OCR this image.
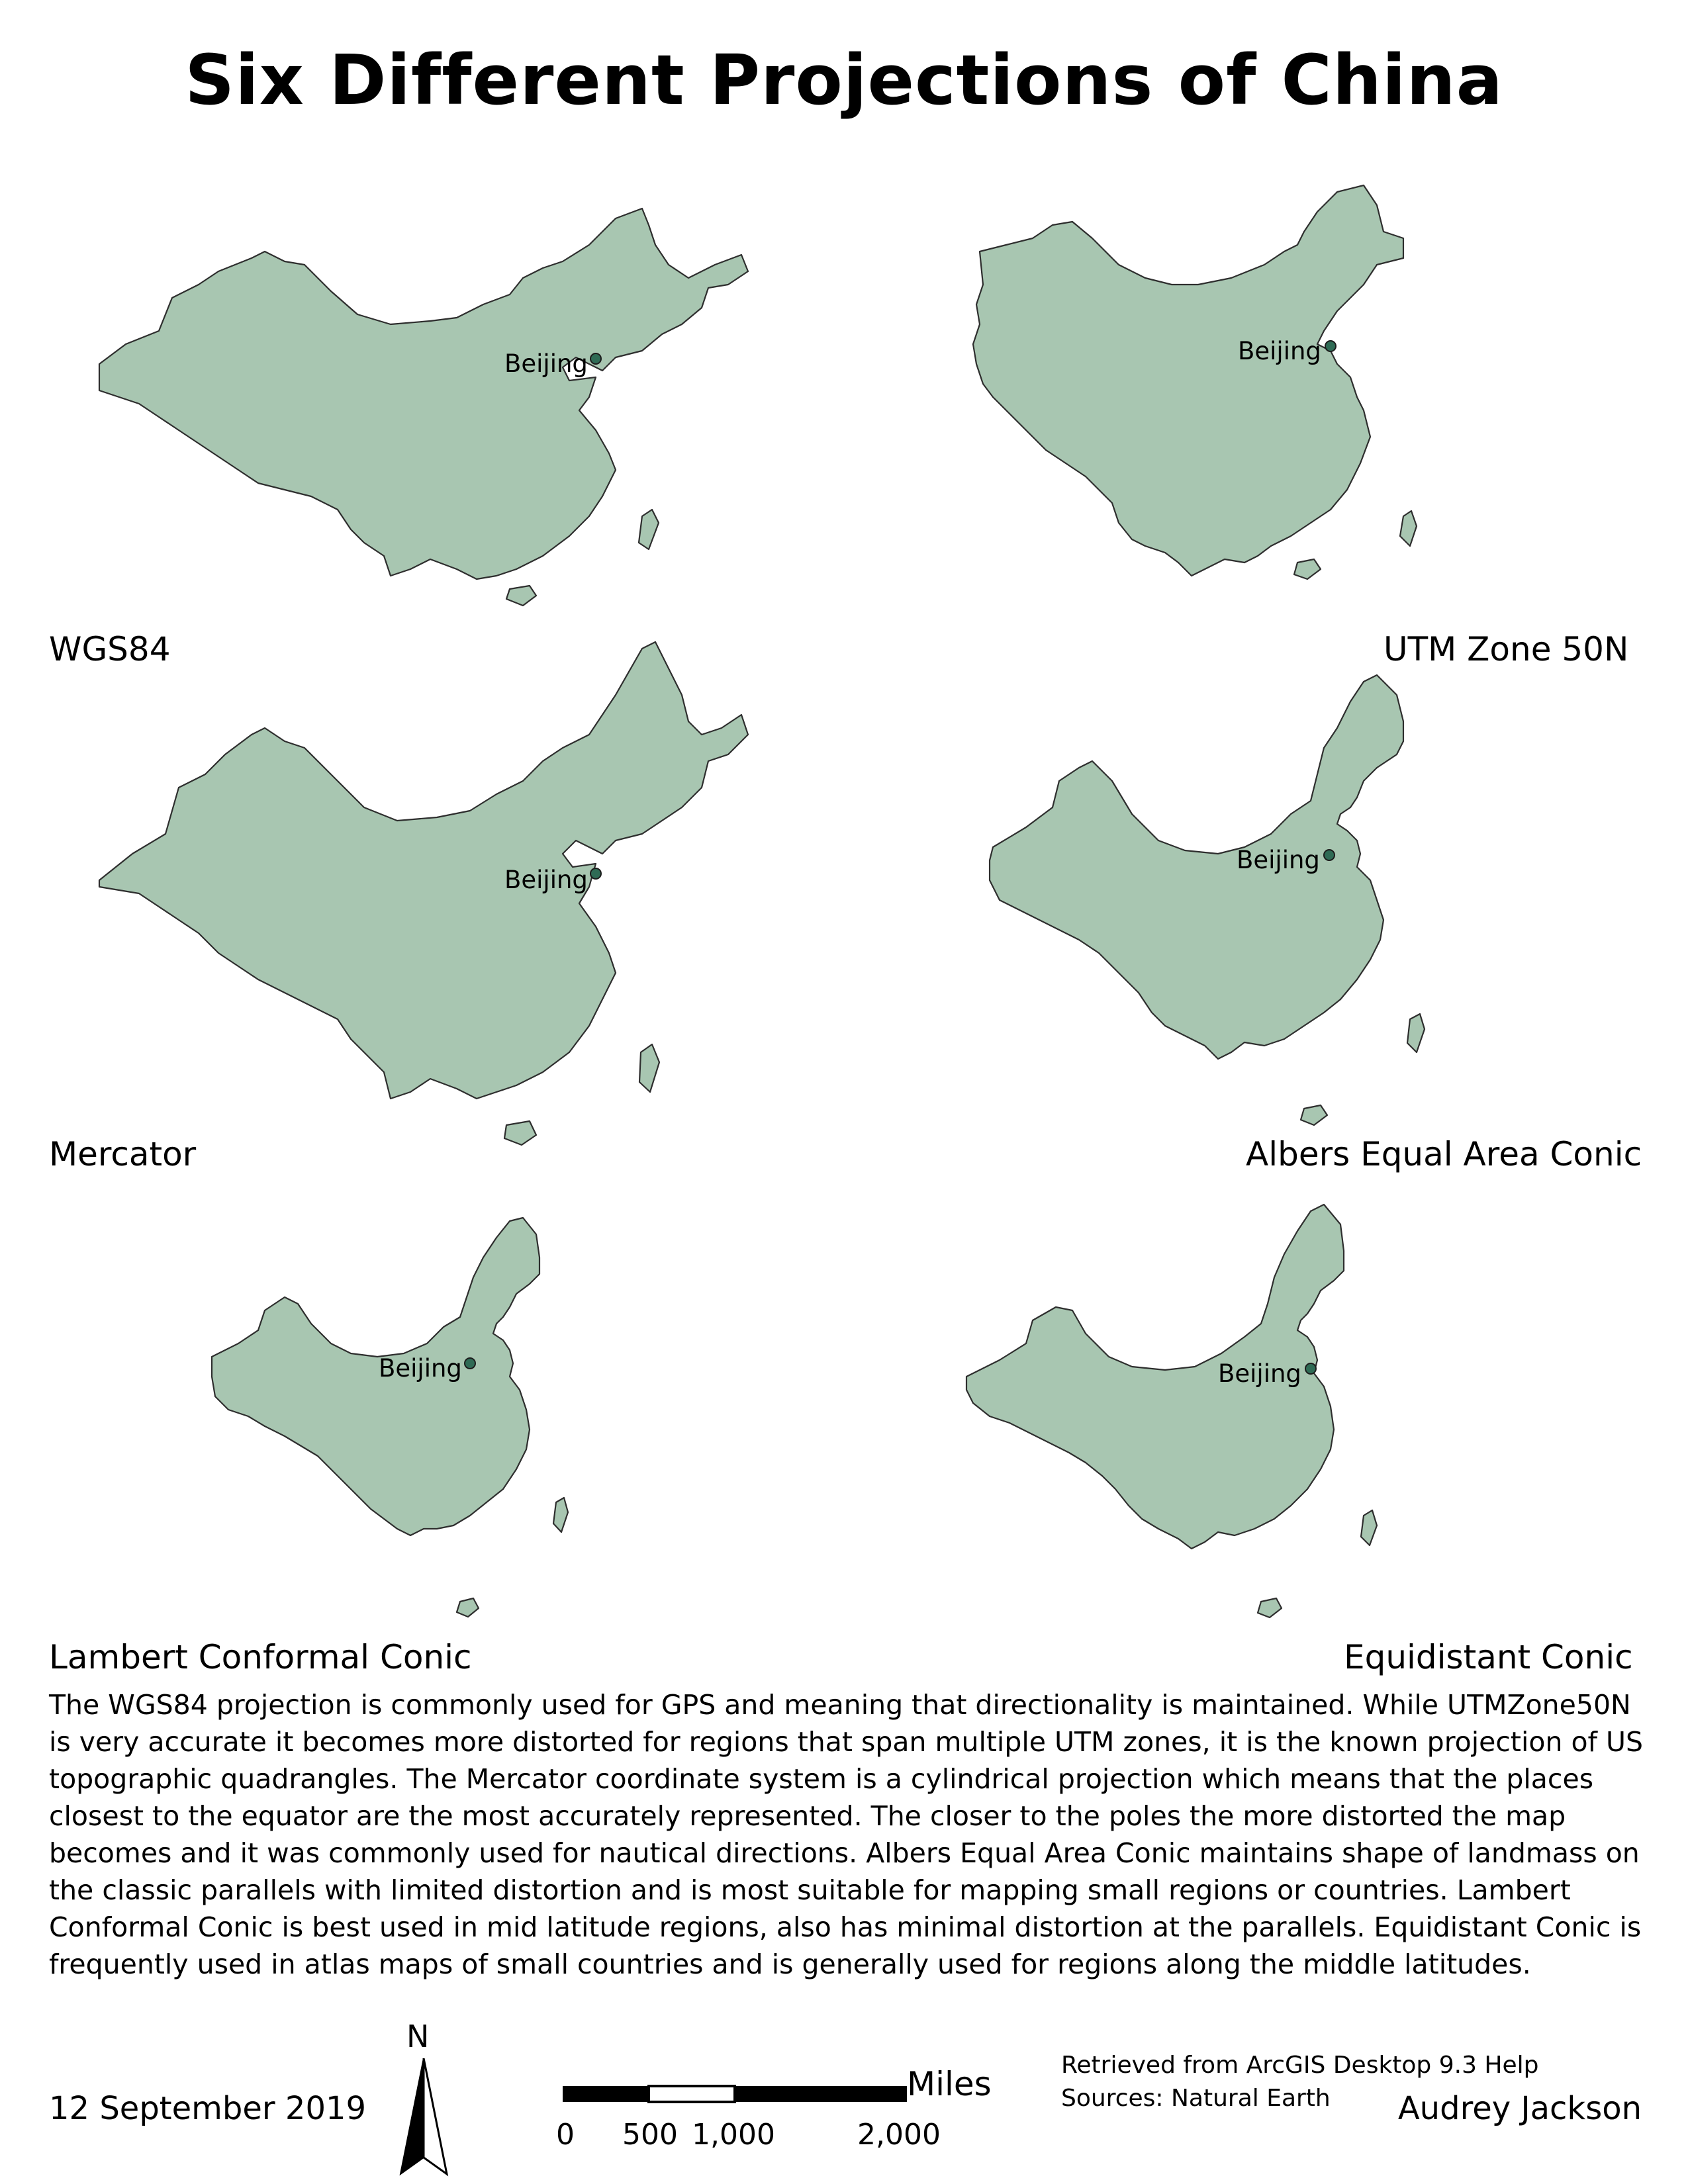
Six Different Projections of China
Beijing
WGS84
Beijing
UTM Zone 50N
Beijing
Mercator
Beijing
Albers Equal Area Conic
Beijing
Lambert Conformal Conic
Beijing
Equidistant Conic
The WGS84 projection is commonly used for GPS and meaning that directionality is maintained. While UTMZone50N is very accurate it becomes more distorted for regions that span multiple UTM zones, it is the known projection of US topographic quadrangles. The Mercator coordinate system is a cylindrical projection which means that the places closest to the equator are the most accurately represented. The closer to the poles the more distorted the map becomes and it was commonly used for nautical directions. Albers Equal Area Conic maintains shape of landmass on the classic parallels with limited distortion and is most suitable for mapping small regions or countries. Lambert Conformal Conic is best used in mid latitude regions, also has minimal distortion at the parallels. Equidistant Conic is frequently used in atlas maps of small countries and is generally used for regions along the middle latitudes.
N
Miles
0 500 1,000	2,000
Retrieved from ArcGIS Desktop 9.3 Help
Sources: Natural Earth
12 September 2019	Audrey Jackson
